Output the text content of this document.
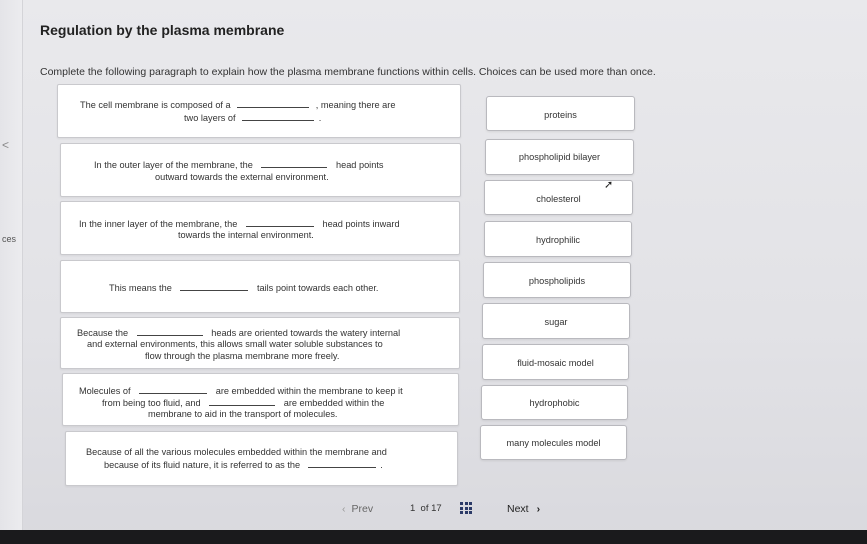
<
ces
Regulation by the plasma membrane
Complete the following paragraph to explain how the plasma membrane functions within cells. Choices can be used more than once.
The cell membrane is composed of a	, meaning there are
two layers of	.
In the outer layer of the membrane, the	head points
outward towards the external environment.
In the inner layer of the membrane, the	head points inward
towards the internal environment.
This means the	tails point towards each other.
Because the	heads are oriented towards the watery internal
and external environments, this allows small water soluble substances to
flow through the plasma membrane more freely.
Molecules of	are embedded within the membrane to keep it
from being too fluid, and	are embedded within the
membrane to aid in the transport of molecules.
Because of all the various molecules embedded within the membrane and
because of its fluid nature, it is referred to as the	.
proteins
phospholipid bilayer
cholesterol
hydrophilic
phospholipids
sugar
fluid-mosaic model
hydrophobic
many molecules model
➚
‹ Prev	1  of 17	Next ›
